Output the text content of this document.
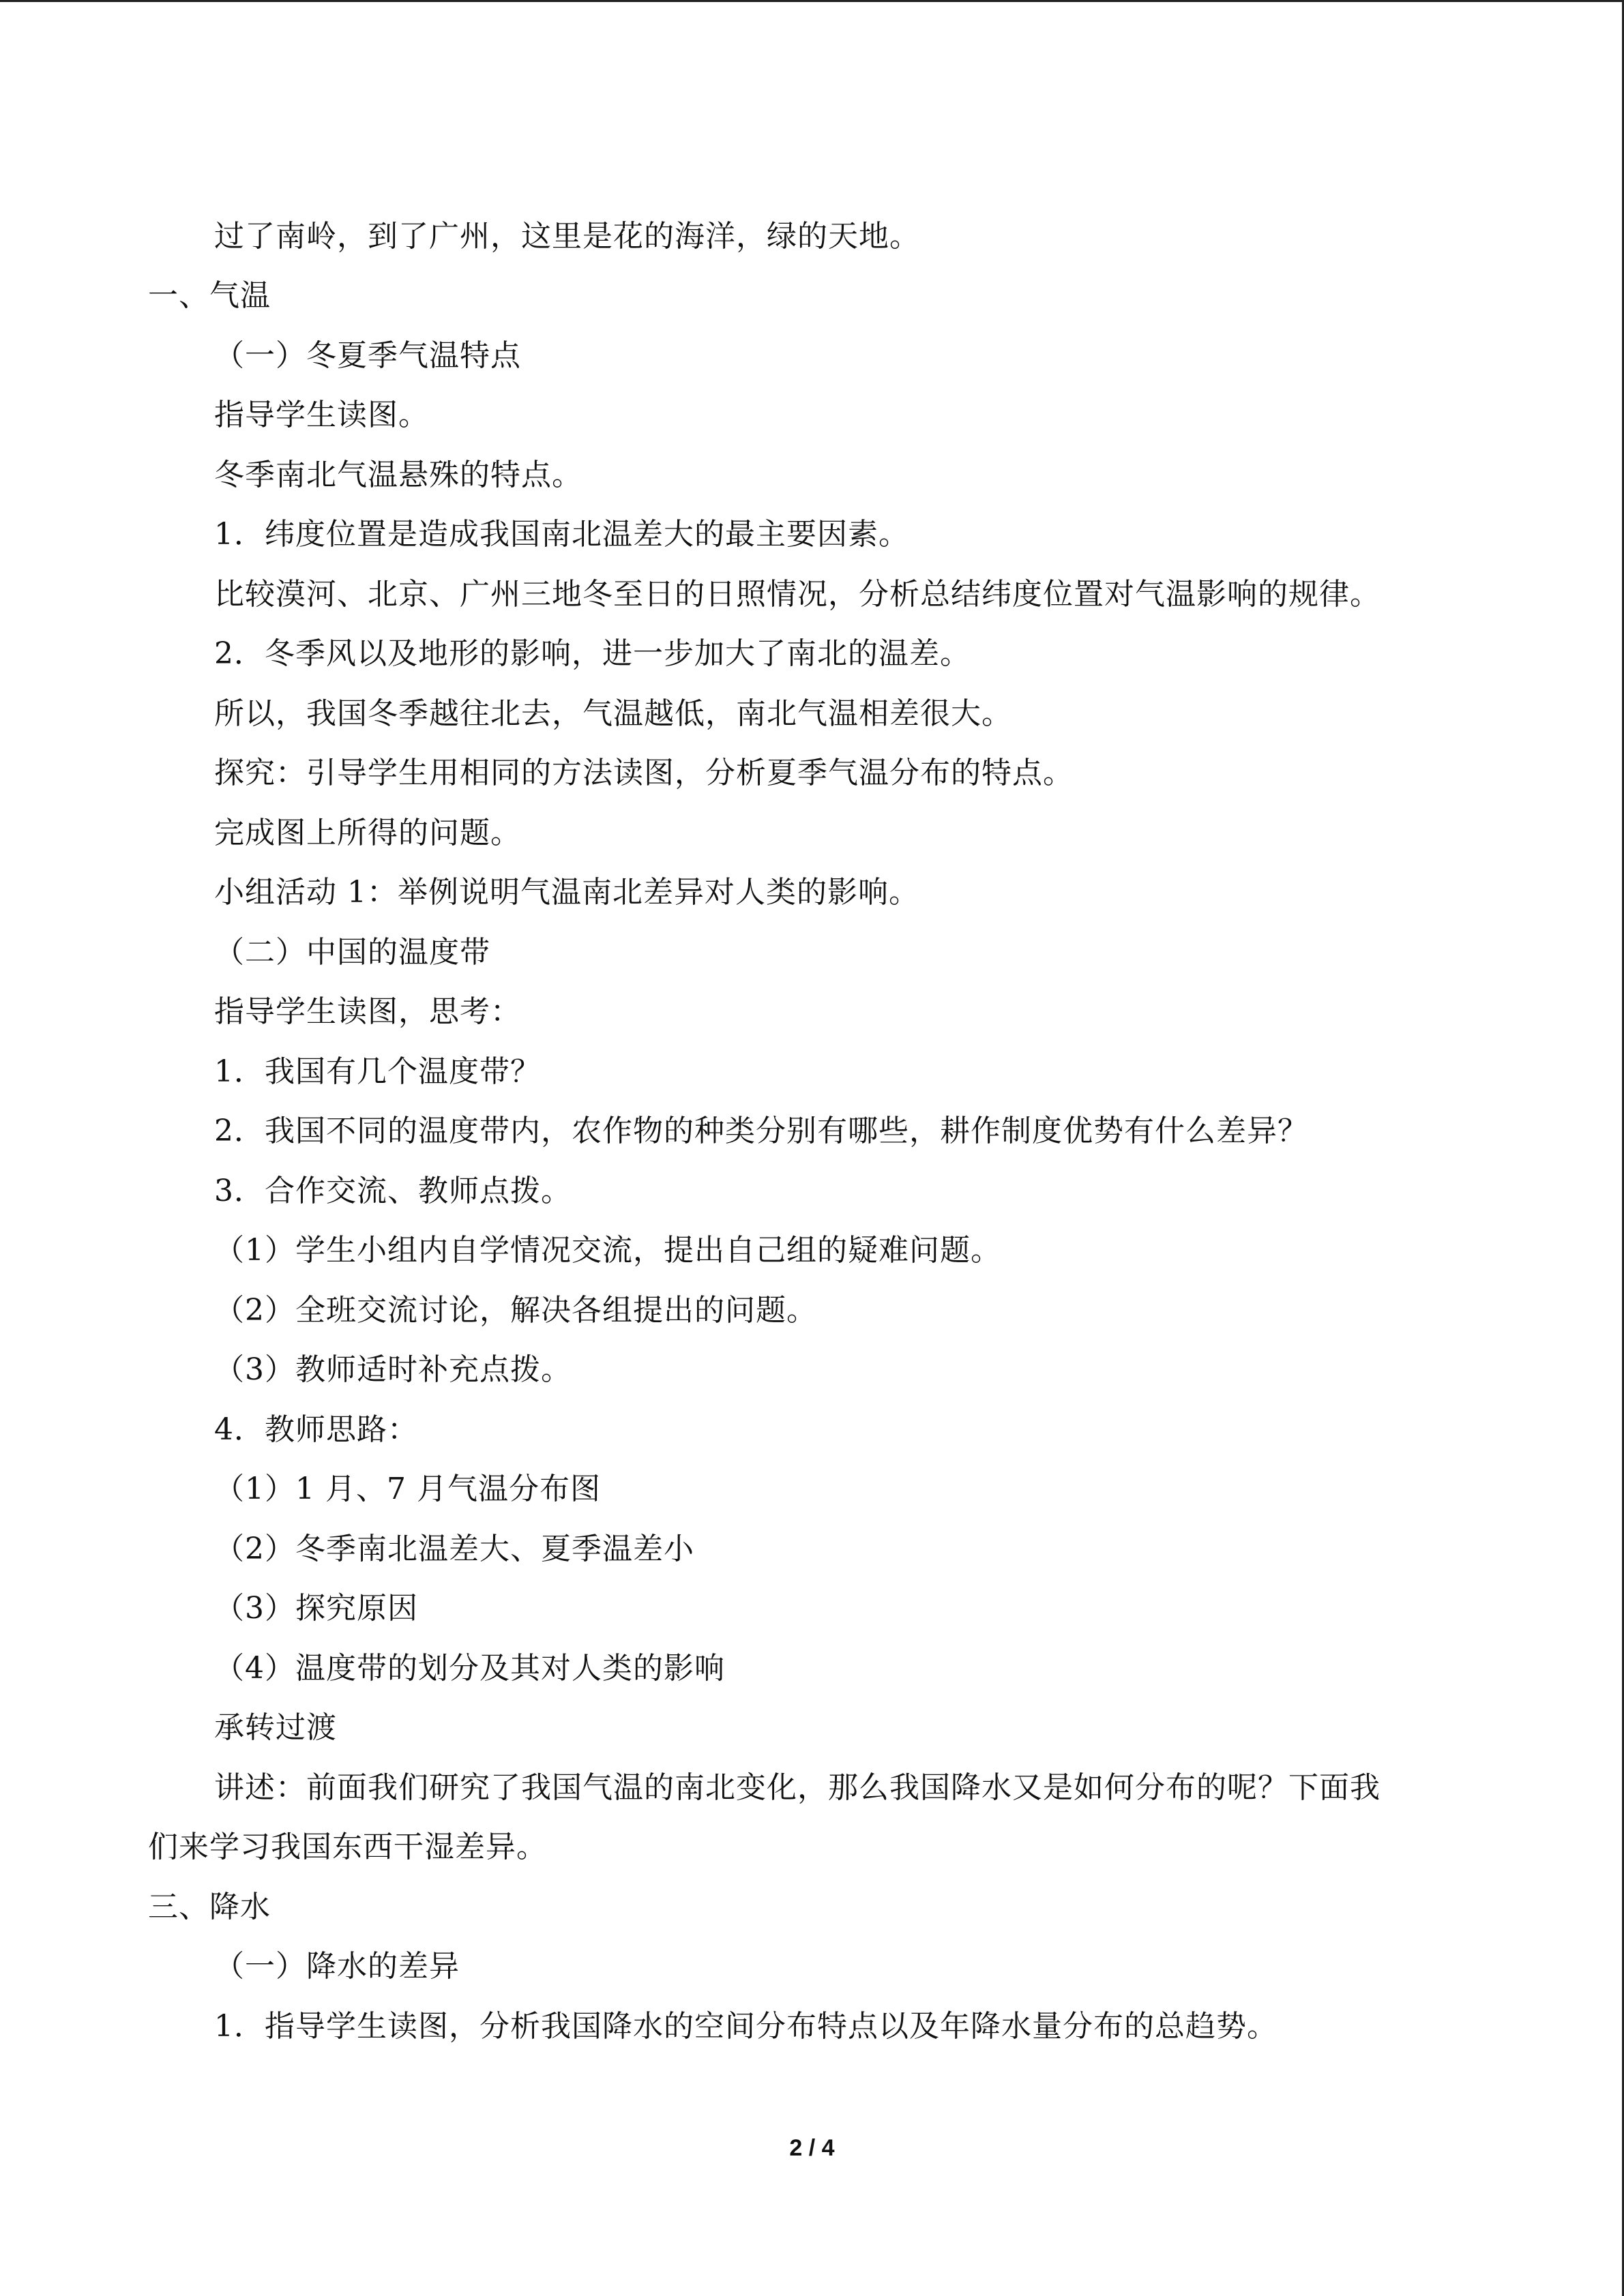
过了南岭，到了广州，这里是花的海洋，绿的天地。
一、气温
（一）冬夏季气温特点
指导学生读图。
冬季南北气温悬殊的特点。
1．纬度位置是造成我国南北温差大的最主要因素。
比较漠河、北京、广州三地冬至日的日照情况，分析总结纬度位置对气温影响的规律。
2．冬季风以及地形的影响，进一步加大了南北的温差。
所以，我国冬季越往北去，气温越低，南北气温相差很大。
探究：引导学生用相同的方法读图，分析夏季气温分布的特点。
完成图上所得的问题。
小组活动 1：举例说明气温南北差异对人类的影响。
（二）中国的温度带
指导学生读图，思考：
1．我国有几个温度带？
2．我国不同的温度带内，农作物的种类分别有哪些，耕作制度优势有什么差异？
3．合作交流、教师点拨。
（1）学生小组内自学情况交流，提出自己组的疑难问题。
（2）全班交流讨论，解决各组提出的问题。
（3）教师适时补充点拨。
4．教师思路：
（1）1 月、7 月气温分布图
（2）冬季南北温差大、夏季温差小
（3）探究原因
（4）温度带的划分及其对人类的影响
承转过渡
讲述：前面我们研究了我国气温的南北变化，那么我国降水又是如何分布的呢？下面我
们来学习我国东西干湿差异。
三、降水
（一）降水的差异
1．指导学生读图，分析我国降水的空间分布特点以及年降水量分布的总趋势。
2 / 4
